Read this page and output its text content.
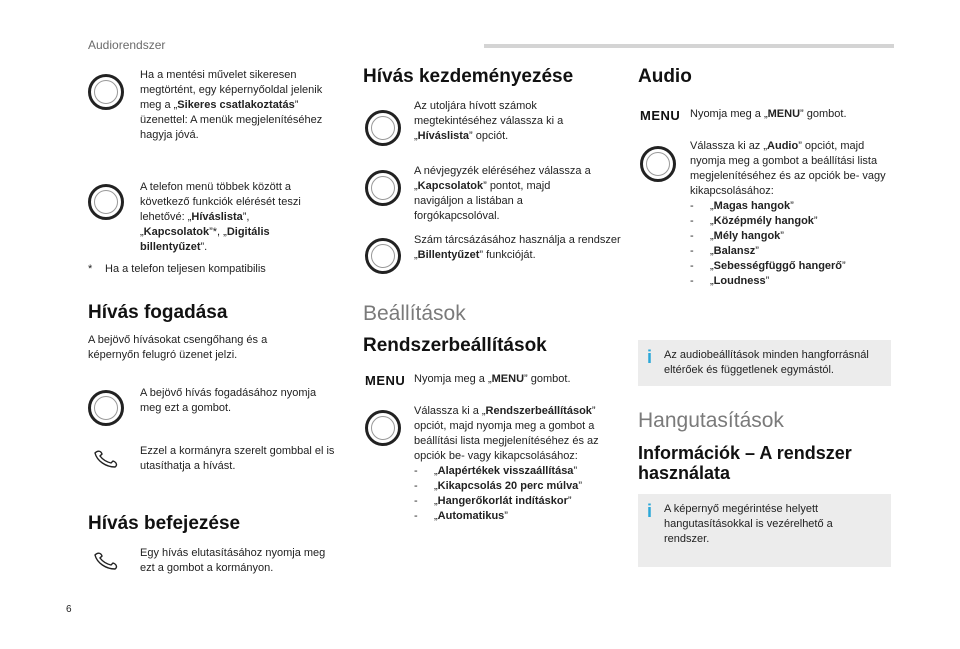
Audiorendszer
Ha a mentési művelet sikeresen megtörtént, egy képernyőoldal jelenik meg a „Sikeres csatlakoztatás” üzenettel: A menük megjelenítéséhez hagyja jóvá.
A telefon menü többek között a következő funkciók elérését teszi lehetővé: „Híváslista”, „Kapcsolatok”*, „Digitális billentyűzet”.
* Ha a telefon teljesen kompatibilis
Hívás fogadása
A bejövő hívásokat csengőhang és a képernyőn felugró üzenet jelzi.
A bejövő hívás fogadásához nyomja meg ezt a gombot.
Ezzel a kormányra szerelt gombbal el is utasíthatja a hívást.
Hívás befejezése
Egy hívás elutasításához nyomja meg ezt a gombot a kormányon.
Hívás kezdeményezése
Az utoljára hívott számok megtekintéséhez válassza ki a „Híváslista” opciót.
A névjegyzék eléréséhez válassza a „Kapcsolatok” pontot, majd navigáljon a listában a forgókapcsolóval.
Szám tárcsázásához használja a rendszer „Billentyűzet” funkcióját.
Beállítások
Rendszerbeállítások
MENU Nyomja meg a „MENU” gombot.
Válassza ki a „Rendszerbeállítások” opciót, majd nyomja meg a gombot a beállítási lista megjelenítéséhez és az opciók be- vagy kikapcsolásához:
-	„Alapértékek visszaállítása”
-	„Kikapcsolás 20 perc múlva”
-	„Hangerőkorlát indításkor”
-	„Automatikus”
Audio
MENU Nyomja meg a „MENU” gombot.
Válassza ki az „Audio” opciót, majd nyomja meg a gombot a beállítási lista megjelenítéséhez és az opciók be- vagy kikapcsolásához:
-	„Magas hangok”
-	„Középmély hangok”
-	„Mély hangok”
-	„Balansz”
-	„Sebességfüggő hangerő”
-	„Loudness”
i Az audiobeállítások minden hangforrásnál eltérőek és függetlenek egymástól.
Hangutasítások
Információk – A rendszer használata
i A képernyő megérintése helyett hangutasításokkal is vezérelhető a rendszer.
6
